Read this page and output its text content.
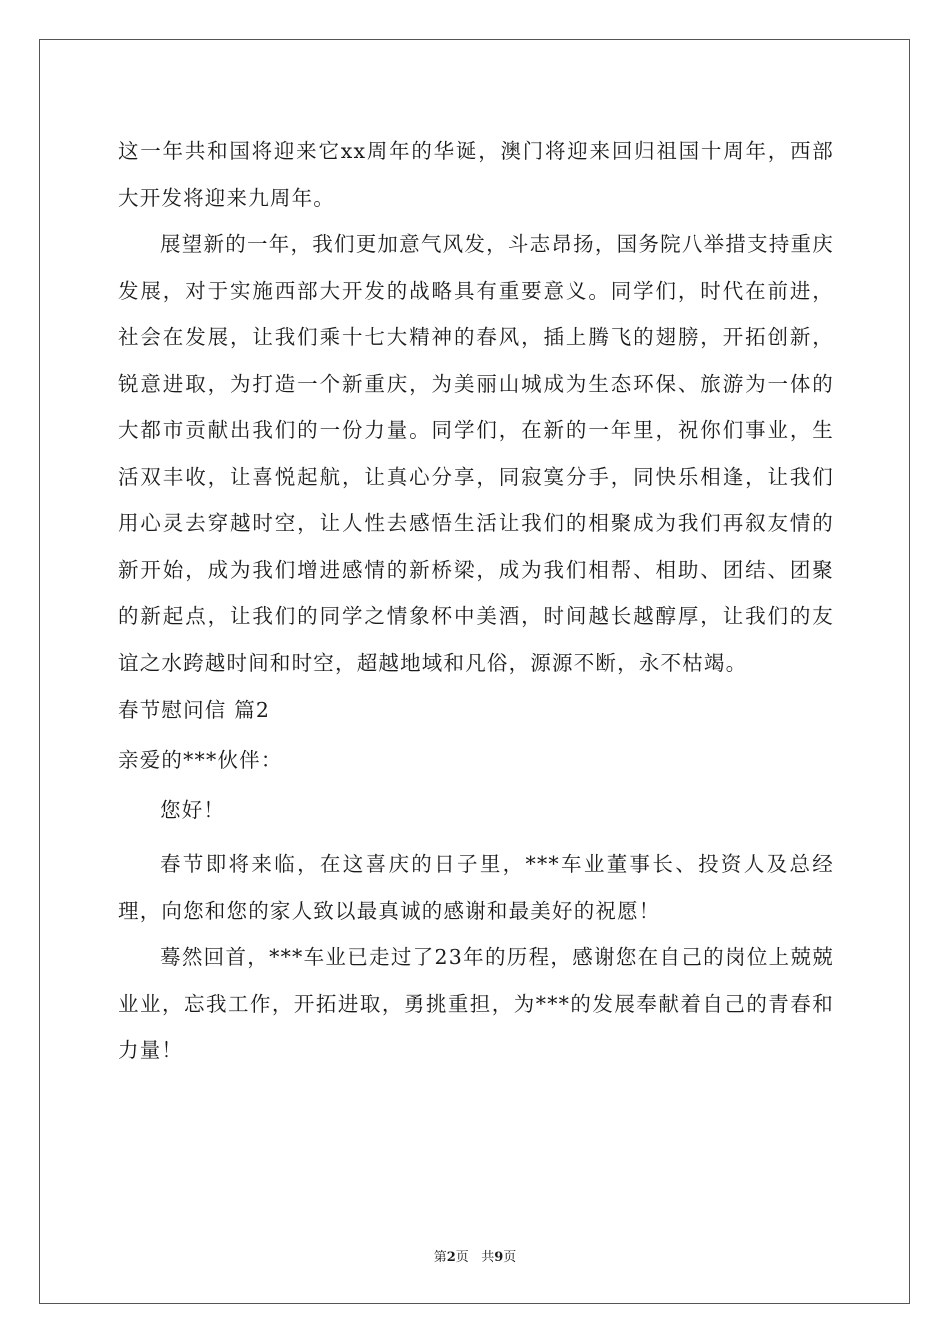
这一年共和国将迎来它xx周年的华诞，澳门将迎来回归祖国十周年，西部大开发将迎来九周年。

展望新的一年，我们更加意气风发，斗志昂扬，国务院八举措支持重庆发展，对于实施西部大开发的战略具有重要意义。同学们，时代在前进，社会在发展，让我们乘十七大精神的春风，插上腾飞的翅膀，开拓创新，锐意进取，为打造一个新重庆，为美丽山城成为生态环保、旅游为一体的大都市贡献出我们的一份力量。同学们，在新的一年里，祝你们事业，生活双丰收，让喜悦起航，让真心分享，同寂寞分手，同快乐相逢，让我们用心灵去穿越时空，让人性去感悟生活让我们的相聚成为我们再叙友情的新开始，成为我们增进感情的新桥梁，成为我们相帮、相助、团结、团聚的新起点，让我们的同学之情象杯中美酒，时间越长越醇厚，让我们的友谊之水跨越时间和时空，超越地域和凡俗，源源不断，永不枯竭。

春节慰问信 篇2

亲爱的***伙伴：

您好！

春节即将来临，在这喜庆的日子里，***车业董事长、投资人及总经理，向您和您的家人致以最真诚的感谢和最美好的祝愿！

蓦然回首，***车业已走过了23年的历程，感谢您在自己的岗位上兢兢业业，忘我工作，开拓进取，勇挑重担，为***的发展奉献着自己的青春和力量！

第2页 共9页
